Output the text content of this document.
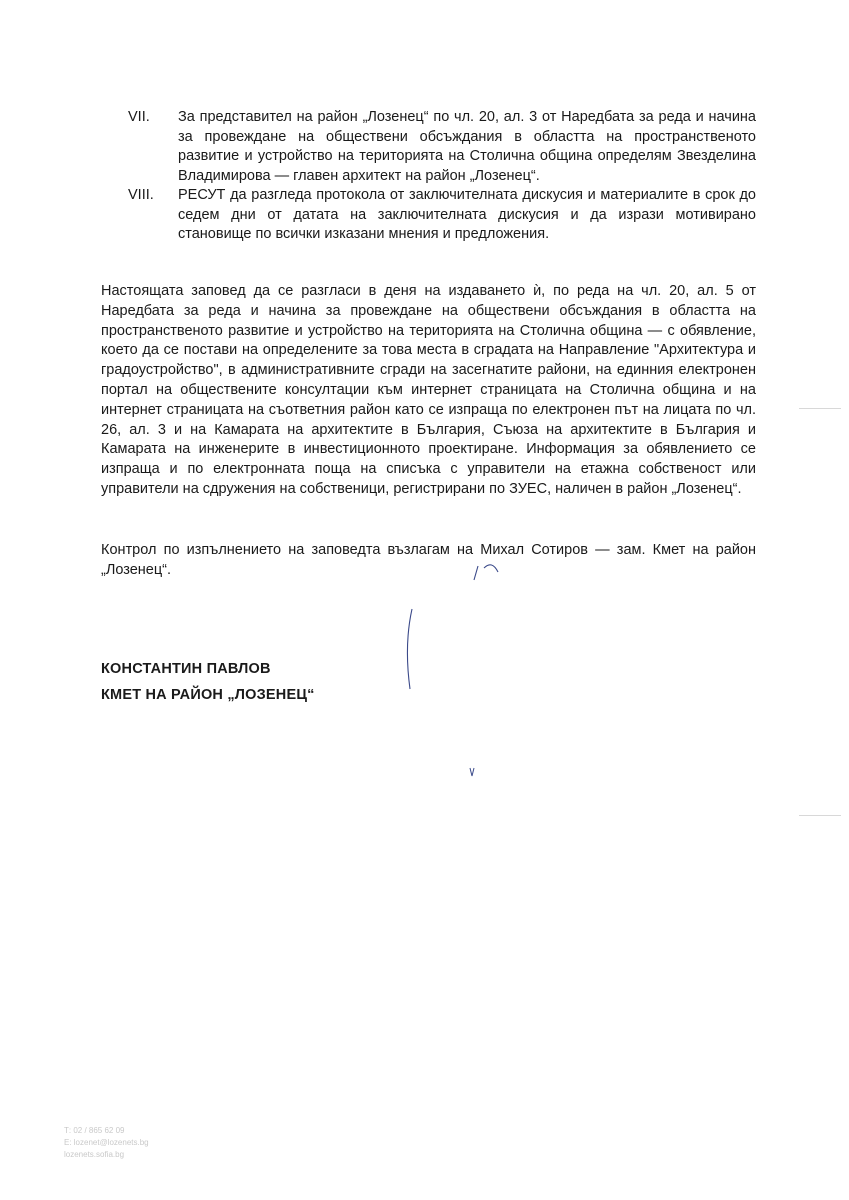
VII.	За представител на район „Лозенец“ по чл. 20, ал. 3 от Наредбата за реда и начина за провеждане на обществени обсъждания в областта на пространственото развитие и устройство на територията на Столична община определям Звезделина Владимирова — главен архитект на район „Лозенец“.
VIII.	РЕСУТ да разгледа протокола от заключителната дискусия и материалите в срок до седем дни от датата на заключителната дискусия и да изрази мотивирано становище по всички изказани мнения и предложения.

Настоящата заповед да се разгласи в деня на издаването ѝ, по реда на чл. 20, ал. 5 от Наредбата за реда и начина за провеждане на обществени обсъждания в областта на пространственото развитие и устройство на територията на Столична община — с обявление, което да се постави на определените за това места в сградата на Направление "Архитектура и градоустройство", в административните сгради на засегнатите райони, на единния електронен портал на обществените консултации към интернет страницата на Столична община и на интернет страницата на съответния район като се изпраща по електронен път на лицата по чл. 26, ал. 3 и на Камарата на архитектите в България, Съюза на архитектите в България и Камарата на инженерите в инвестиционното проектиране. Информация за обявлението се изпраща и по електронната поща на списъка с управители на етажна собственост или управители на сдружения на собственици, регистрирани по ЗУЕС, наличен в район „Лозенец“.

Контрол по изпълнението на заповедта възлагам на Михал Сотиров — зам. Кмет на район „Лозенец“.

КОНСТАНТИН ПАВЛОВ
КМЕТ НА РАЙОН „ЛОЗЕНЕЦ“
Т: 02 / 865 62 09
E: lozenet@lozenets.bg
lozenets.sofia.bg
